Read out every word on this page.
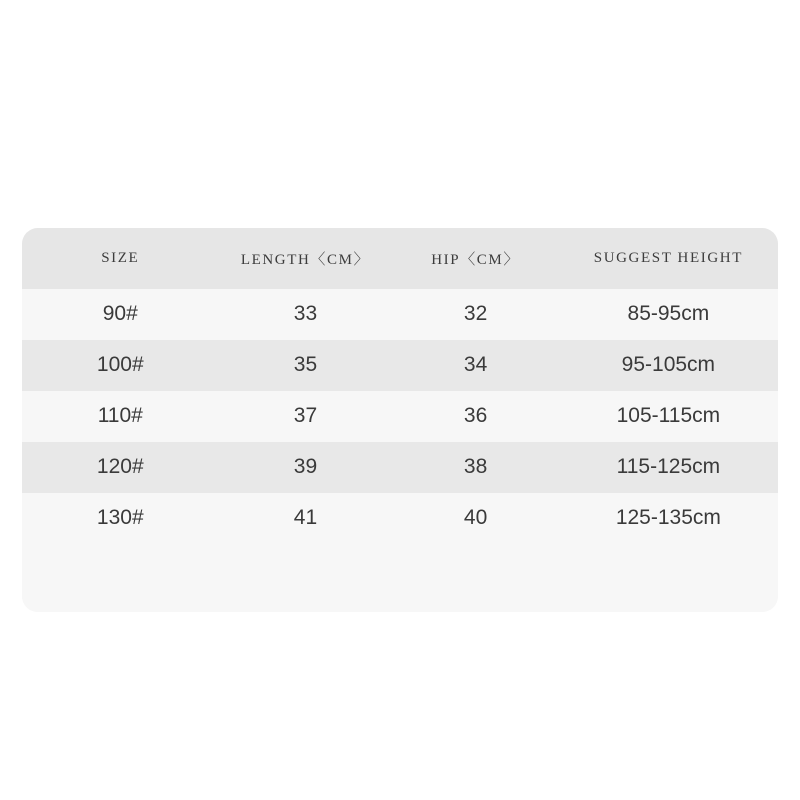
SIZE	LENGTH〈CM〉	HIP〈CM〉	SUGGEST HEIGHT
90#	33	32	85-95cm
100#	35	34	95-105cm
110#	37	36	105-115cm
120#	39	38	115-125cm
130#	41	40	125-135cm
